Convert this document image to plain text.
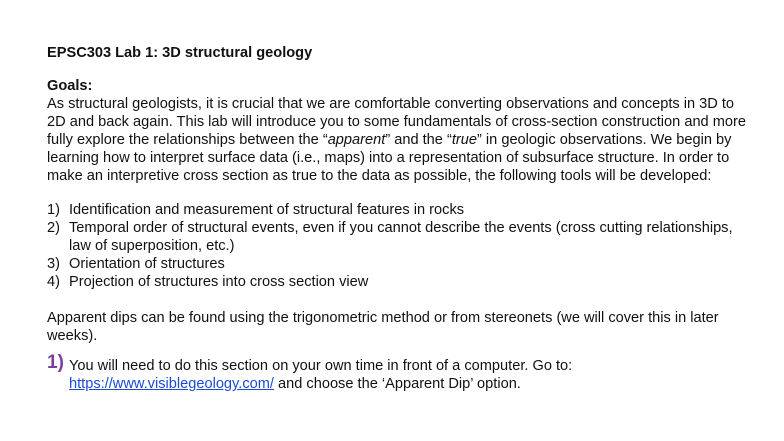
EPSC303 Lab 1: 3D structural geology

Goals:

As structural geologists, it is crucial that we are comfortable converting observations and concepts in 3D to 2D and back again. This lab will introduce you to some fundamentals of cross-section construction and more fully explore the relationships between the “apparent” and the “true” in geologic observations. We begin by learning how to interpret surface data (i.e., maps) into a representation of subsurface structure. In order to make an interpretive cross section as true to the data as possible, the following tools will be developed:

1) Identification and measurement of structural features in rocks
2) Temporal order of structural events, even if you cannot describe the events (cross cutting relationships, law of superposition, etc.)
3) Orientation of structures
4) Projection of structures into cross section view

Apparent dips can be found using the trigonometric method or from stereonets (we will cover this in later weeks).

1) You will need to do this section on your own time in front of a computer. Go to: https://www.visiblegeology.com/ and choose the ‘Apparent Dip’ option.
